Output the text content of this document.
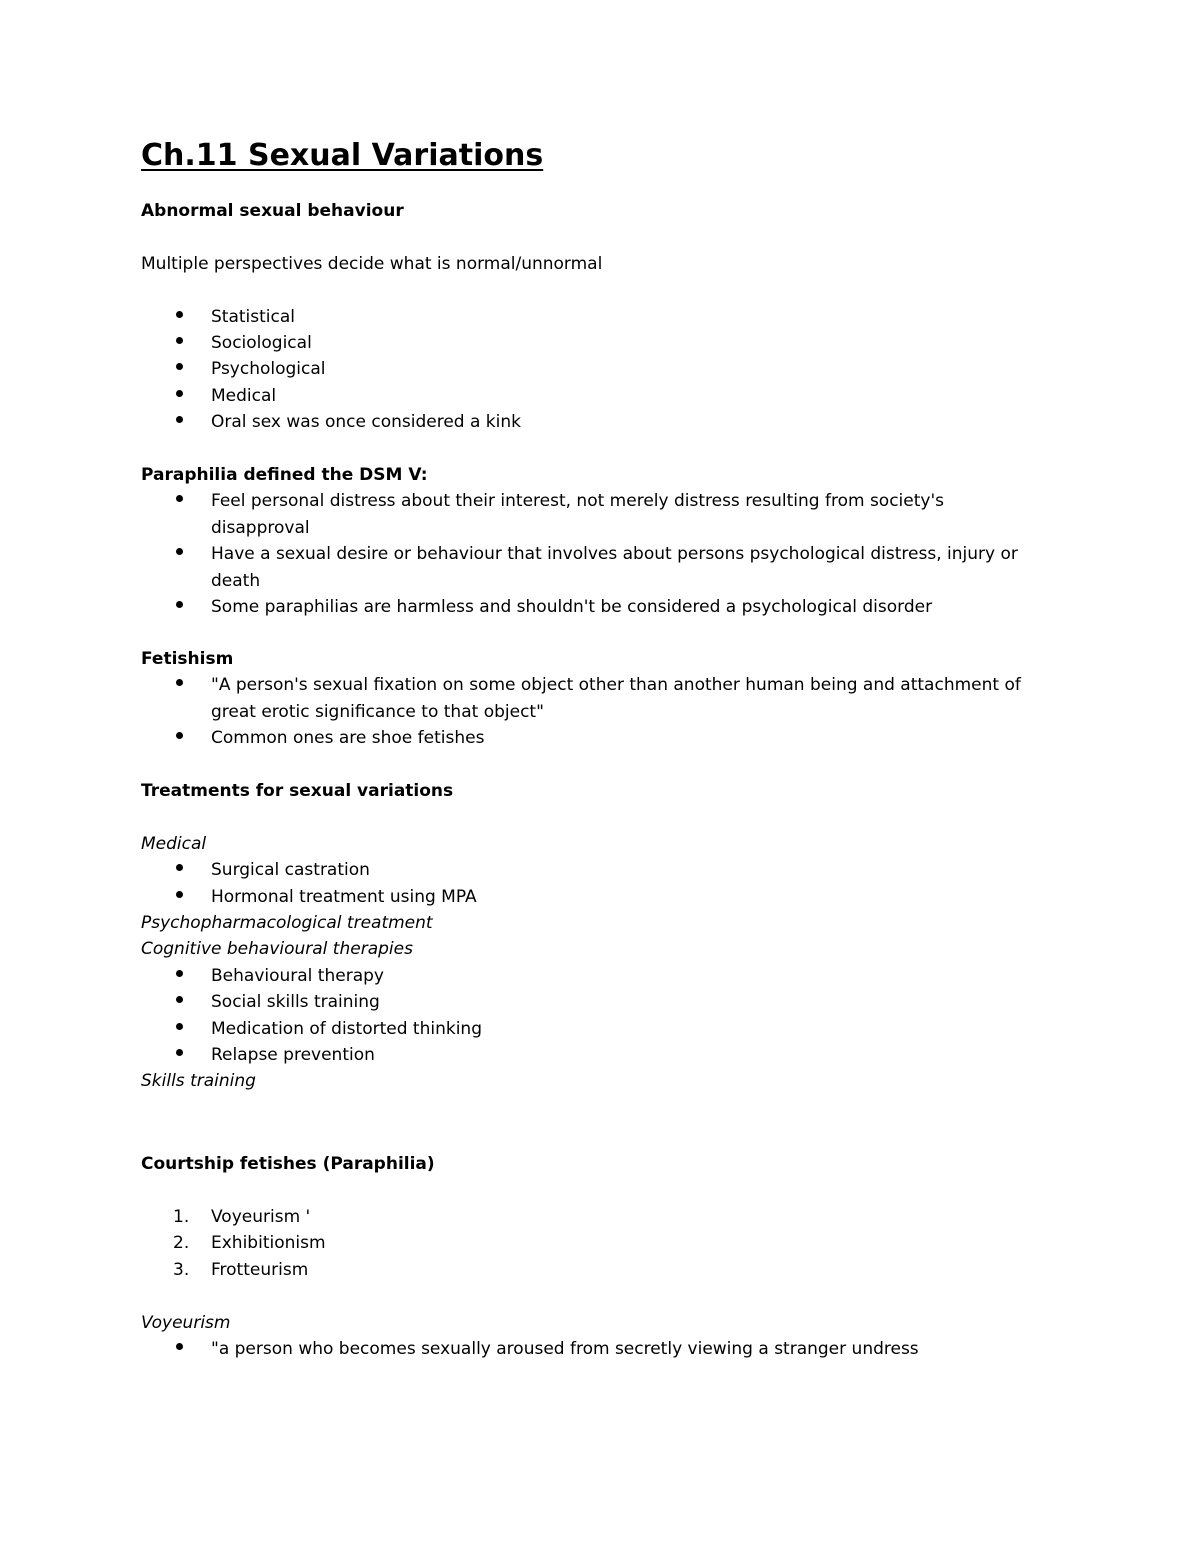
Ch.11 Sexual Variations

Abnormal sexual behaviour

Multiple perspectives decide what is normal/unnormal

Statistical
Sociological
Psychological
Medical
Oral sex was once considered a kink

Paraphilia defined the DSM V:

Feel personal distress about their interest, not merely distress resulting from society's disapproval
Have a sexual desire or behaviour that involves about persons psychological distress, injury or death
Some paraphilias are harmless and shouldn't be considered a psychological disorder

Fetishism

"A person's sexual fixation on some object other than another human being and attachment of great erotic significance to that object"
Common ones are shoe fetishes

Treatments for sexual variations

Medical

Surgical castration
Hormonal treatment using MPA

Psychopharmacological treatment

Cognitive behavioural therapies

Behavioural therapy
Social skills training
Medication of distorted thinking
Relapse prevention

Skills training

Courtship fetishes (Paraphilia)

1. Voyeurism '
2. Exhibitionism
3. Frotteurism

Voyeurism

"a person who becomes sexually aroused from secretly viewing a stranger undress
